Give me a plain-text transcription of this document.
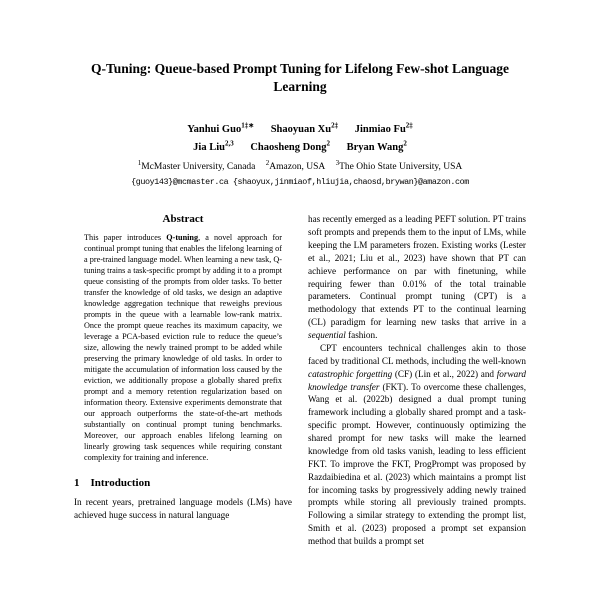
Q-Tuning: Queue-based Prompt Tuning for Lifelong Few-shot Language Learning
Yanhui Guo$^{1\ddagger∗}$ Shaoyuan $Xu^{2\ddagger}$ Jinmiao $Fu^{2\ddagger}$
Jia Liu$^{2,3}$ Chaosheng Dong$^2$ Bryan Wang$^2$
$^1$McMaster University, Canada $^2$Amazon, USA $^3$The Ohio State University, USA
{guoy143}@mcmaster.ca {shaoyux,jinmiaof,hliujia,chaosd,brywan}@amazon.com
Abstract
This paper introduces Q-tuning, a novel approach for continual prompt tuning that enables the lifelong learning of a pre-trained language model. When learning a new task, Q-tuning trains a task-specific prompt by adding it to a prompt queue consisting of the prompts from older tasks. To better transfer the knowledge of old tasks, we design an adaptive knowledge aggregation technique that reweighs previous prompts in the queue with a learnable low-rank matrix. Once the prompt queue reaches its maximum capacity, we leverage a PCA-based eviction rule to reduce the queue’s size, allowing the newly trained prompt to be added while preserving the primary knowledge of old tasks. In order to mitigate the accumulation of information loss caused by the eviction, we additionally propose a globally shared prefix prompt and a memory retention regularization based on information theory. Extensive experiments demonstrate that our approach outperforms the state-of-the-art methods substantially on continual prompt tuning benchmarks. Moreover, our approach enables lifelong learning on linearly growing task sequences while requiring constant complexity for training and inference.
1 Introduction

In recent years, pretrained language models (LMs) have achieved huge success in natural language

has recently emerged as a leading PEFT solution. PT trains soft prompts and prepends them to the input of LMs, while keeping the LM parameters frozen. Existing works (Lester et al., 2021; Liu et al., 2023) have shown that PT can achieve performance on par with finetuning, while requiring fewer than 0.01% of the total trainable parameters. Continual prompt tuning (CPT) is a methodology that extends PT to the continual learning (CL) paradigm for learning new tasks that arrive in a sequential fashion.

CPT encounters technical challenges akin to those faced by traditional CL methods, including the well-known catastrophic forgetting (CF) (Lin et al., 2022) and forward knowledge transfer (FKT). To overcome these challenges, Wang et al. (2022b) designed a dual prompt tuning framework including a globally shared prompt and a task-specific prompt. However, continuously optimizing the shared prompt for new tasks will make the learned knowledge from old tasks vanish, leading to less efficient FKT. To improve the FKT, ProgPrompt was proposed by Razdaibiedina et al. (2023) which maintains a prompt list for incoming tasks by progressively adding newly trained prompts while storing all previously trained prompts. Following a similar strategy to extending the prompt list, Smith et al. (2023) proposed a prompt set expansion method that builds a prompt set
